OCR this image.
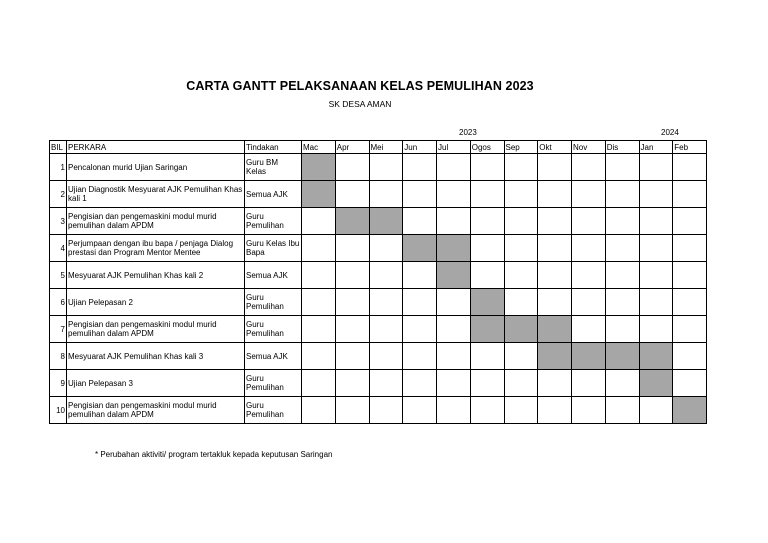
CARTA GANTT PELAKSANAAN KELAS PEMULIHAN 2023
SK DESA AMAN
2023	2024
BIL	PERKARA	Tindakan	Mac	Apr	Mei	Jun	Jul	Ogos	Sep	Okt	Nov	Dis	Jan	Feb
1	Pencalonan murid Ujian Saringan	Guru BM Kelas												
2	Ujian Diagnostik Mesyuarat AJK Pemulihan Khas kali 1	Semua AJK												
3	Pengisian dan pengemaskini modul murid pemulihan dalam APDM	Guru Pemulihan												
4	Perjumpaan dengan ibu bapa / penjaga Dialog prestasi dan Program Mentor Mentee	Guru Kelas Ibu Bapa												
5	Mesyuarat AJK Pemulihan Khas kali 2	Semua AJK												
6	Ujian Pelepasan 2	Guru Pemulihan												
7	Pengisian dan pengemaskini modul murid pemulihan dalam APDM	Guru Pemulihan												
8	Mesyuarat AJK Pemulihan Khas kali 3	Semua AJK												
9	Ujian Pelepasan 3	Guru Pemulihan												
10	Pengisian dan pengemaskini modul murid pemulihan dalam APDM	Guru Pemulihan												
* Perubahan aktiviti/ program tertakluk kepada keputusan Saringan
